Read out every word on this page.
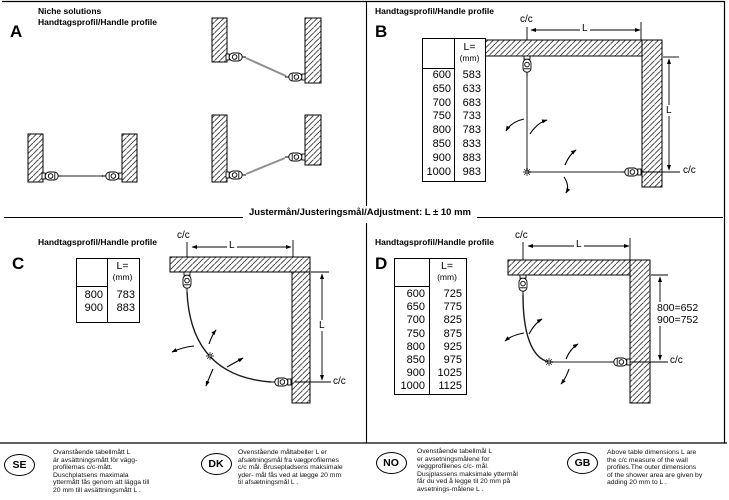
Niche solutions
Handtagsprofil/Handle profile
A
Handtagsprofil/Handle profile
B
c/c
L
L
c/c
Handtagsprofil/Handle profile
C
c/c
L
L
c/c
Handtagsprofil/Handle profile
D
c/c
L
800=652
900=752
c/c
Justermån/Justeringsmål/Adjustment: L ± 10 mm
L=
(mm)
600	583
650	633
700	683
750	733
800	783
850	833
900	883
1000	983
L=
(mm)
800	783
900	883
L=
(mm)
600	725
650	775
700	825
750	875
800	925
850	975
900	1025
1000	1125
SE
Ovanstående tabellmått L
är avsättningsmått för vägg-
profilernas c/c-mått.
Duschplatsens maximala
yttermått fås genom att lägga till
20 mm till avsättningsmått L .
DK
Ovenstående måltabeller L er
afsætningsmål fra vægprofilernes
c/c mål. Brusepladsens maksimale
yder- mål fås ved at lægge 20 mm
til afsætningsmål L .
NO
Ovenstående tabellmål L
er avsetningsmålene for
veggprofilenes c/c- mål.
Dusjplassens maksimale yttermål
får du ved å legge til 20 mm på
avsetnings-målene L .
GB
Above table dimensions L are
the c/c measure of the wall
profiles.The outer dimensions
of the shower area are given by
adding 20 mm to L .
